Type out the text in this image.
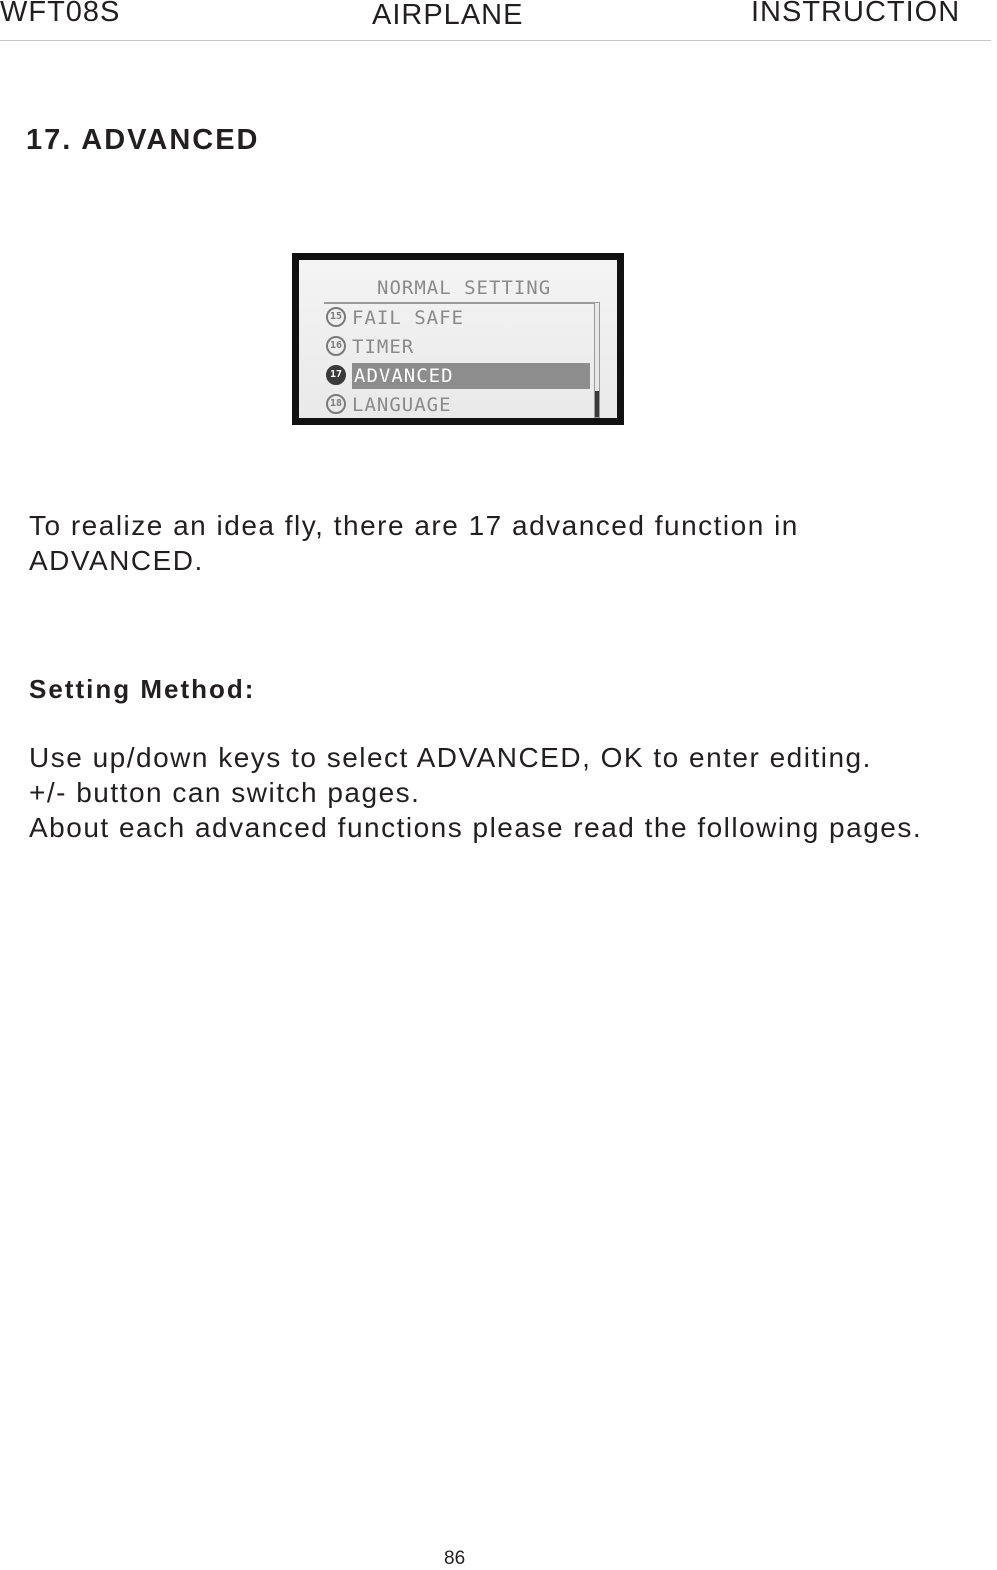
WFT08S	AIRPLANE	INSTRUCTION
17. ADVANCED
NORMAL SETTING
15 FAIL SAFE
16 TIMER
17 ADVANCED
18 LANGUAGE
To realize an idea fly, there are 17 advanced function in
ADVANCED.
Setting Method:
Use up/down keys to select ADVANCED, OK to enter editing.
+/- button can switch pages.
About each advanced functions please read the following pages.
86
